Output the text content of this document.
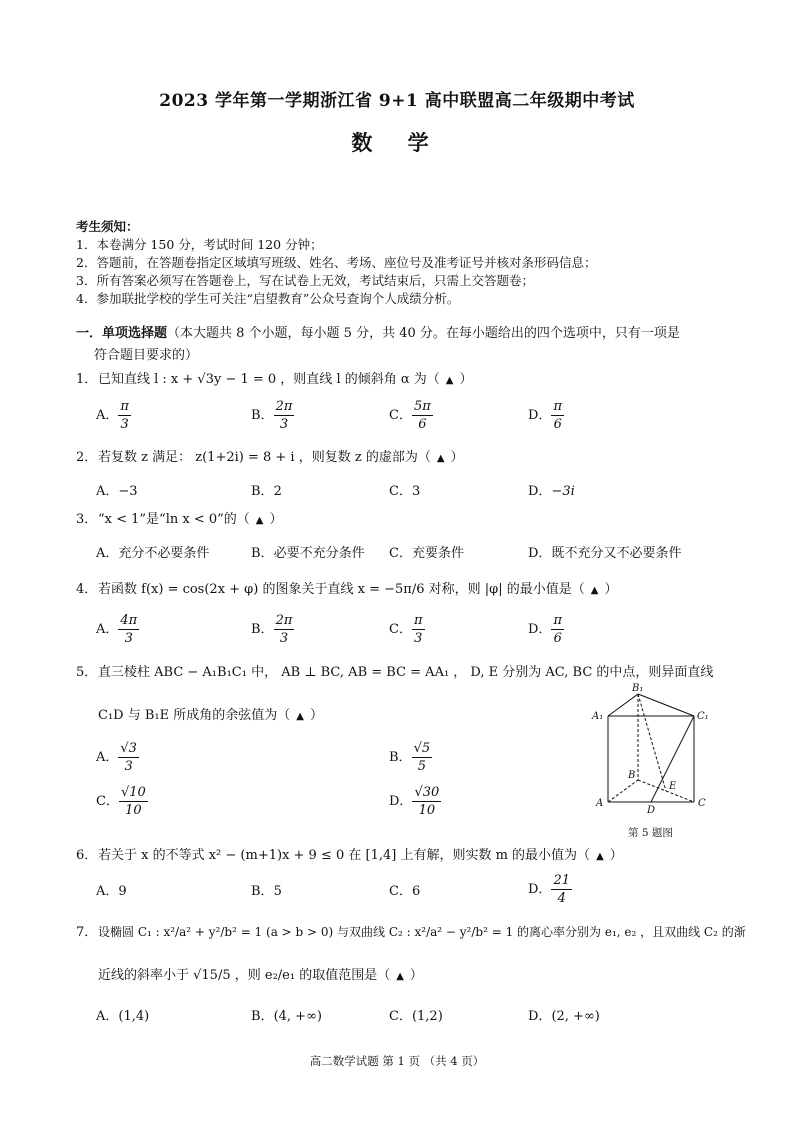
2023 学年第一学期浙江省 9+1 高中联盟高二年级期中考试
数 学
考生须知：
1．本卷满分 150 分，考试时间 120 分钟；
2．答题前，在答题卷指定区域填写班级、姓名、考场、座位号及准考证号并核对条形码信息；
3．所有答案必须写在答题卷上，写在试卷上无效，考试结束后，只需上交答题卷；
4．参加联批学校的学生可关注“启望教育”公众号查询个人成绩分析。
一．单项选择题（本大题共 8 个小题，每小题 5 分，共 40 分。在每小题给出的四个选项中，只有一项是
符合题目要求的）
1．已知直线 l : x + √3y − 1 = 0 ，则直线 l 的倾斜角 α 为（ ▲ ）
A． $\frac{\pi}{3}$	B． $\frac{2\pi}{3}$	C． $\frac{5\pi}{6}$	D． $\frac{\pi}{6}$
2．若复数 z 满足： z(1+2i) = 8 + i ，则复数 z 的虚部为（ ▲ ）
A．−3	B．2	C．3	D．−3i
3．“x < 1”是“ln x < 0”的（ ▲ ）
A．充分不必要条件	B．必要不充分条件 C．充要条件	D．既不充分又不必要条件
4．若函数 f(x) = cos(2x + φ) 的图象关于直线 x = −5π/6 对称，则 |φ| 的最小值是（ ▲ ）
A． $\frac{4\pi}{3}$	B． $\frac{2\pi}{3}$	C． $\frac{\pi}{3}$	D． $\frac{\pi}{6}$
5．直三棱柱 ABC − A₁B₁C₁ 中， AB ⊥ BC, AB = BC = AA₁ ， D, E 分别为 AC, BC 的中点，则异面直线
C₁D 与 B₁E 所成角的余弦值为（ ▲ ）
A． $\frac{√3}{3}$	B． $\frac{√5}{5}$
C． $\frac{√10}{10}$	D． $\frac{√30}{10}$
B₁
A₁	C₁
B
E
A
D
C
第 5 题图
6．若关于 x 的不等式 x² − (m+1)x + 9 ≤ 0 在 [1,4] 上有解，则实数 m 的最小值为（ ▲ ）
A．9	B．5	C．6	D． $\frac{21}{4}$
7．设椭圆 C₁ : x²/a² + y²/b² = 1 (a > b > 0) 与双曲线 C₂ : x²/a² − y²/b² = 1 的离心率分别为 e₁, e₂ ，且双曲线 C₂ 的渐
近线的斜率小于 √15/5 ，则 e₂/e₁ 的取值范围是（ ▲ ）
A．(1,4)	B．(4, +∞)	C．(1,2)	D．(2, +∞)
高二数学试题 第 1 页 （共 4 页）
